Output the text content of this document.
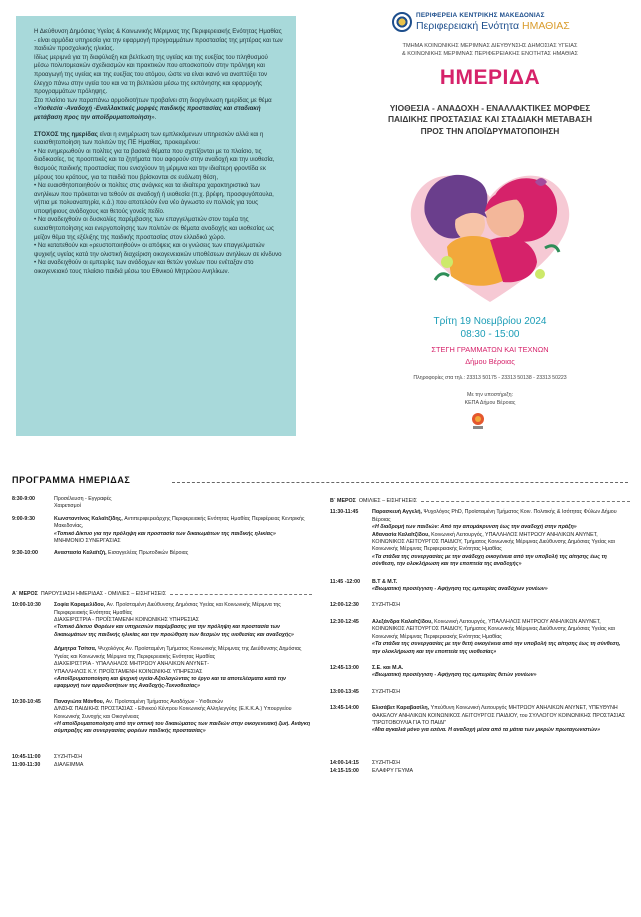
Η Διεύθυνση Δημόσιας Υγείας & Κοινωνικής Μέριμνας της Περιφερειακής Ενότητας Ημαθίας - είναι αρμόδια υπηρεσία για την εφαρμογή προγραμμάτων προστασίας της μητέρας και των παιδιών προσχολικής ηλικίας.

Ιδίως μεριμνά για τη διαφύλαξη και βελτίωση της υγείας και της ευεξίας του πληθυσμού μέσω πολυτομεακών σχεδιασμών και πρακτικών που αποσκοπούν στην πρόληψη και προαγωγή της υγείας και της ευεξίας του ατόμου, ώστε να είναι ικανό να αναπτύξει τον έλεγχο πάνω στην υγεία του και να τη βελτιώσει μέσω της εκπόνησης και εφαρμογής προγραμμάτων πρόληψης.

Στο πλαίσιο των παραπάνω αρμοδιοτήτων προβαίνει στη διοργάνωση ημερίδας με θέμα «Υιοθεσία -Αναδοχή -Εναλλακτικές μορφές παιδικής προστασίας και σταδιακή μετάβαση προς την αποϊδρυματοποίηση».

ΣΤΟΧΟΣ της ημερίδας είναι η ενημέρωση των εμπλεκόμενων υπηρεσιών αλλά και η ευαισθητοποίηση των πολιτών της ΠΕ Ημαθίας, προκειμένου:

• Να ενημερωθούν οι πολίτες για τα βασικά θέματα που σχετίζονται με το πλαίσιο, τις διαδικασίες, τις προοπτικές και τα ζητήματα που αφορούν στην αναδοχή και την υιοθεσία, θεσμούς παιδικής προστασίας που ενισχύουν τη μέριμνα και την ιδιαίτερη φροντίδα εκ μέρους του κράτους, για τα παιδιά που βρίσκονται σε ευάλωτη θέση,

• Να ευαισθητοποιηθούν οι πολίτες στις ανάγκες και τα ιδιαίτερα χαρακτηριστικά των ανηλίκων που πρόκειται να τεθούν σε αναδοχή ή υιοθεσία (π.χ. βρέφη, προσφυγόπουλα, νήπια με πολυαναπηρία, κ.ά.) που αποτελούν ένα νέο άγνωστο εν πολλοίς για τους υποψήφιους ανάδοχους και θετούς γονείς πεδίο.

• Να αναδειχθούν οι δυσκολίες παρέμβασης των επαγγελματιών στον τομέα της ευαισθητοποίησης και ενεργοποίησης των πολιτών σε θέματα αναδοχής και υιοθεσίας ως μείζον θέμα της εξέλιξης της παιδικής προστασίας στον ελλαδικό χώρο.

• Να κατατεθούν και «ρευστοποιηθούν» οι απόψεις και οι γνώσεις των επαγγελματιών ψυχικής υγείας κατά την ολιστική διαχείριση οικογενειακών υποθέσεων ανηλίκων σε κίνδυνο

• Να αναδειχθούν οι εμπειρίες των ανάδοχων και θετών γονέων που ενέταξαν στο οικογενειακό τους πλαίσιο παιδιά μέσω του Εθνικού Μητρώου Ανηλίκων.

ΠΕΡΙΦΕΡΕΙΑ ΚΕΝΤΡΙΚΗΣ ΜΑΚΕΔΟΝΙΑΣ
Περιφερειακή Ενότητα ΗΜΑΘΙΑΣ
ΤΜΗΜΑ ΚΟΙΝΩΝΙΚΗΣ ΜΕΡΙΜΝΑΣ ΔΙΕΥΘΥΝΣΗΣ ΔΗΜΟΣΙΑΣ ΥΓΕΙΑΣ
& ΚΟΙΝΩΝΙΚΗΣ ΜΕΡΙΜΝΑΣ ΠΕΡΙΦΕΡΕΙΑΚΗΣ ΕΝΟΤΗΤΑΣ ΗΜΑΘΙΑΣ
ΗΜΕΡΙΔΑ
ΥΙΟΘΕΣΙΑ - ΑΝΑΔΟΧΗ - ΕΝΑΛΛΑΚΤΙΚΕΣ ΜΟΡΦΕΣ
ΠΑΙΔΙΚΗΣ ΠΡΟΣΤΑΣΙΑΣ ΚΑΙ ΣΤΑΔΙΑΚΗ ΜΕΤΑΒΑΣΗ
ΠΡΟΣ ΤΗΝ ΑΠΟΪΔΡΥΜΑΤΟΠΟΙΗΣΗ
Τρίτη 19 Νοεμβρίου 2024
08:30 - 15:00
ΣΤΕΓΗ ΓΡΑΜΜΑΤΩΝ ΚΑΙ ΤΕΧΝΩΝ
Δήμου Βέροιας
Πληροφορίες στα τηλ.: 23313 50175 - 23313 50138 - 23313 50223
Με την υποστήριξη:
ΚΕΠΑ Δήμου Βέροιας
ΠΡΟΓΡΑΜΜΑ ΗΜΕΡΙΔΑΣ
8:30-9:00	Προσέλευση - Εγγραφές
Χαιρετισμοί
9:00-9:30	Κωνσταντίνος Καλαϊτζίδης, Αντιπεριφερειάρχης Περιφερειακής Ενότητας Ημαθίας Περιφέρειας Κεντρικής Μακεδονίας,
«Τοπικό Δίκτυο για την πρόληψη και προστασία των δικαιωμάτων της παιδικής ηλικίας»
ΜΝΗΜΟΝΙΟ ΣΥΝΕΡΓΑΣΙΑΣ
9:30-10:00	Αναστασία Καλαϊτζή, Εισαγγελέας Πρωτοδικών Βέροιας
Α΄ ΜΕΡΟΣ ΠΑΡΟΥΣΙΑΣΗ ΗΜΕΡΙΔΑΣ - ΟΜΙΛΙΕΣ – ΕΙΣΗΓΗΣΕΙΣ
10:00-10:30	Σοφία Καραμελίδου, Αν. Προϊσταμένη Διεύθυνσης Δημόσιας Υγείας και Κοινωνικής Μέριμνα της Περιφερειακής Ενότητας Ημαθίας
ΔΙΑΧΕΙΡΙΣΤΡΙΑ - ΠΡΟΪΣΤΑΜΕΝΗ ΚΟΙΝΩΝΙΚΗΣ ΥΠΗΡΕΣΙΑΣ
«Τοπικό Δίκτυο Φορέων και υπηρεσιών παρέμβασης για την πρόληψη και προστασία των δικαιωμάτων της παιδικής ηλικίας και την προώθηση των θεσμών της υιοθεσίας και αναδοχής»
Δήμητρα Τσίτσα, Ψυχολόγος Αν. Προϊσταμένη Τμήματος Κοινωνικής Μέριμνας της Διεύθυνσης Δημόσιας Υγείας και Κοινωνικής Μέριμνα της Περιφερειακής Ενότητας Ημαθίας
ΔΙΑΧΕΙΡΙΣΤΡΙΑ - ΥΠΑΛΛΗΛΟΣ ΜΗΤΡΩΟΥ ΑΝΗΛΙΚΩΝ ΑΝΥΝΕΤ-
ΥΠΑΛΛΗΛΟΣ Κ.Υ. ΠΡΟΪΣΤΑΜΕΝΗ ΚΟΙΝΩΝΙΚΗΣ ΥΠΗΡΕΣΙΑΣ
«Αποϊδρυματοποίηση και ψυχική υγεία-Αξιολογώντας το έργο και τα αποτελέσματα κατά την εφαρμογή των αρμοδιοτήτων της Αναδοχής-Τεκνοθεσίας»
10:30-10:45	Παναγιώτα Μάνθου, Αν. Προϊσταμένη Τμήματος Αναδόχων - Υιοθεσιών
Δ/ΝΣΗΣ ΠΑΙΔΙΚΗΣ ΠΡΟΣΤΑΣΙΑΣ - Εθνικού Κέντρου Κοινωνικής Αλληλεγγύης (Ε.Κ.Κ.Α.) Υπουργείου Κοινωνικής Συνοχής και Οικογένειας
«Η αποϊδρυματοποίηση από την οπτική του δικαιώματος των παιδιών στην οικογενειακή ζωή. Ανάγκη σύμπραξης και συνεργασίας φορέων παιδικής προστασίας»
10:45-11:00	ΣΥΖΗΤΗΣΗ
11:00-11:30	ΔΙΑΛΕΙΜΜΑ
Β΄ ΜΕΡΟΣ ΟΜΙΛΙΕΣ – ΕΙΣΗΓΗΣΕΙΣ
11:30-11:45	Παρασκευή Αγγελή, Ψυχολόγος PhD, Προϊσταμένη Τμήματος Κοιν. Πολιτικής & Ισότητας Φύλων Δήμου Βέροιας
«Η διαδρομή των παιδιών: Από την απομάκρυνση έως την αναδοχή στην πράξη»
Αθανασία Καλαϊτζίδου, Κοινωνική Λειτουργός, ΥΠΑΛΛΗΛΟΣ ΜΗΤΡΩΟΥ ΑΝΗΛΙΚΩΝ ΑΝΥΝΕΤ, ΚΟΙΝΩΝΙΚΟΣ ΛΕΙΤΟΥΡΓΟΣ ΠΑΙΔΙΟΥ, Τμήματος Κοινωνικής Μέριμνας Διεύθυνσης Δημόσιας Υγείας και Κοινωνικής Μέριμνας Περιφερειακής Ενότητας Ημαθίας
«Τα στάδια της συνεργασίας με την ανάδοχη οικογένεια από την υποβολή της αίτησης έως τη σύνθεση, την ολοκλήρωση και την εποπτεία της αναδοχής»
11:45 -12:00	Β.Τ & Μ.Τ.
«Βιωματική προσέγγιση - Αφήγηση της εμπειρίας αναδόχων γονέων»
12:00-12:30	ΣΥΖΗΤΗΣΗ
12:30-12:45	Αλεξάνδρα Καλαϊτζίδου, Κοινωνική Λειτουργός, ΥΠΑΛΛΗΛΟΣ ΜΗΤΡΩΟΥ ΑΝΗΛΙΚΩΝ ΑΝΥΝΕΤ, ΚΟΙΝΩΝΙΚΟΣ ΛΕΙΤΟΥΡΓΟΣ ΠΑΙΔΙΟΥ, Τμήματος Κοινωνικής Μέριμνας Διεύθυνσης Δημόσιας Υγείας και Κοινωνικής Μέριμνας Περιφερειακής Ενότητας Ημαθίας
«Τα στάδια της συνεργασίας με την θετή οικογένεια από την υποβολή της αίτησης έως τη σύνθεση, την ολοκλήρωση και την εποπτεία της υιοθεσίας»
12:45-13:00	Σ.Ε. και Μ.Α.
«Βιωματική προσέγγιση - Αφήγηση της εμπειρίας θετών γονέων»
13:00-13:45	ΣΥΖΗΤΗΣΗ
13:45-14:00	Ελισάβετ Καραβασίλη, Υπεύθυνη Κοινωνική Λειτουργός ΜΗΤΡΩΟΥ ΑΝΗΛΙΚΩΝ ΑΝΥΝΕΤ, ΥΠΕΥΘΥΝΗ ΦΑΚΕΛΟΥ ΑΝΗΛΙΚΩΝ ΚΟΙΝΩΝΙΚΟΣ ΛΕΙΤΟΥΡΓΟΣ ΠΑΙΔΙΟΥ, του ΣΥΛΛΟΓΟΥ ΚΟΙΝΩΝΙΚΗΣ ΠΡΟΣΤΑΣΙΑΣ "ΠΡΩΤΟΒΟΥΛΙΑ ΓΙΑ ΤΟ ΠΑΙΔΙ"
«Μια αγκαλιά μόνο για εσένα. Η αναδοχή μέσα από τα μάτια των μικρών πρωταγωνιστών»
14:00-14:15	ΣΥΖΗΤΗΣΗ
14:15-15:00	ΕΛΑΦΡΥ ΓΕΥΜΑ
